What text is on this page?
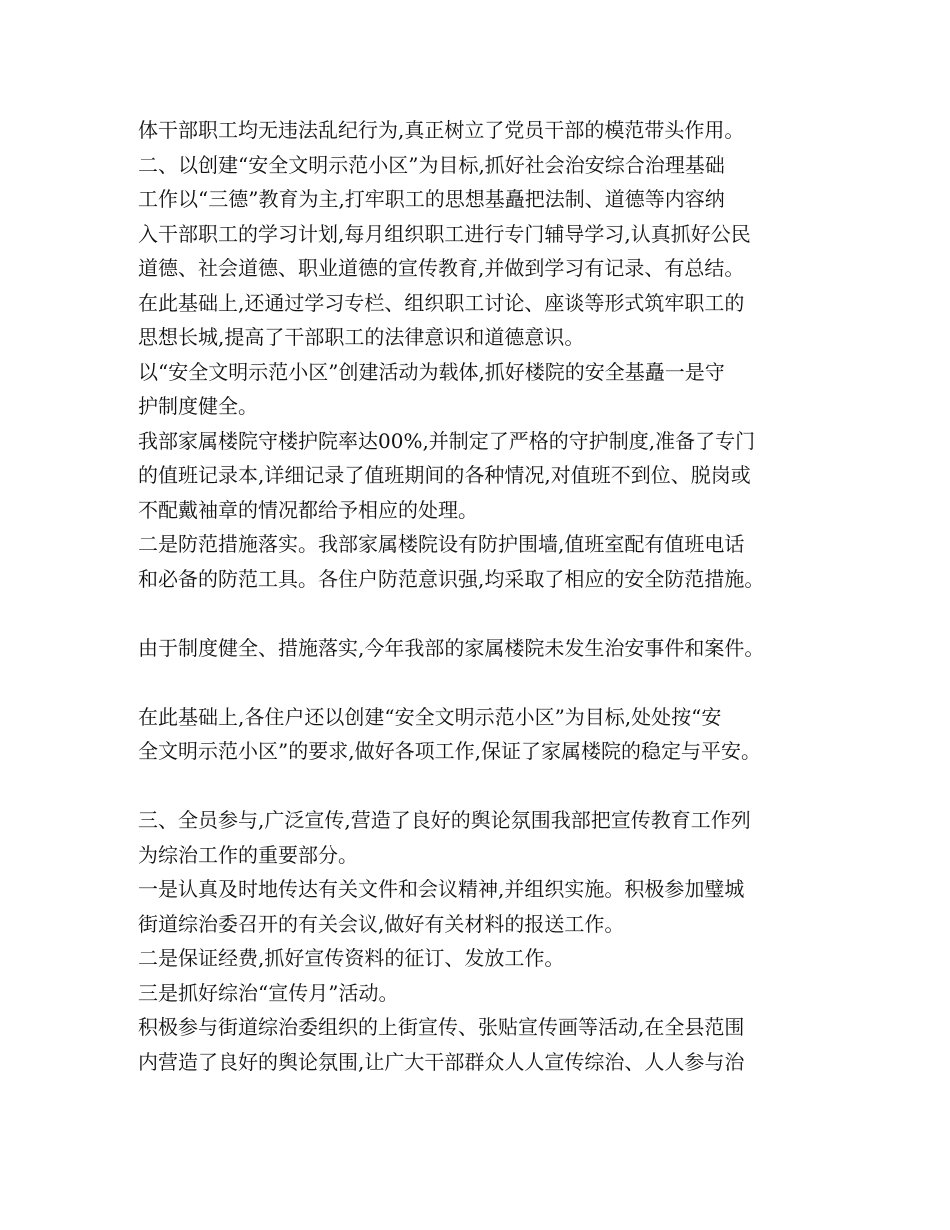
体干部职工均无违法乱纪行为,真正树立了党员干部的模范带头作用。
二、以创建“安全文明示范小区”为目标,抓好社会治安综合治理基础
工作以“三德”教育为主,打牢职工的思想基矗把法制、道德等内容纳
入干部职工的学习计划,每月组织职工进行专门辅导学习,认真抓好公民
道德、社会道德、职业道德的宣传教育,并做到学习有记录、有总结。
在此基础上,还通过学习专栏、组织职工讨论、座谈等形式筑牢职工的
思想长城,提高了干部职工的法律意识和道德意识。
以“安全文明示范小区”创建活动为载体,抓好楼院的安全基矗一是守
护制度健全。
我部家属楼院守楼护院率达00%,并制定了严格的守护制度,准备了专门
的值班记录本,详细记录了值班期间的各种情况,对值班不到位、脱岗或
不配戴袖章的情况都给予相应的处理。
二是防范措施落实。我部家属楼院设有防护围墙,值班室配有值班电话
和必备的防范工具。各住户防范意识强,均采取了相应的安全防范措施。
由于制度健全、措施落实,今年我部的家属楼院未发生治安事件和案件。
在此基础上,各住户还以创建“安全文明示范小区”为目标,处处按“安
全文明示范小区”的要求,做好各项工作,保证了家属楼院的稳定与平安。
三、全员参与,广泛宣传,营造了良好的舆论氛围我部把宣传教育工作列
为综治工作的重要部分。
一是认真及时地传达有关文件和会议精神,并组织实施。积极参加璧城
街道综治委召开的有关会议,做好有关材料的报送工作。
二是保证经费,抓好宣传资料的征订、发放工作。
三是抓好综治“宣传月”活动。
积极参与街道综治委组织的上街宣传、张贴宣传画等活动,在全县范围
内营造了良好的舆论氛围,让广大干部群众人人宣传综治、人人参与治
